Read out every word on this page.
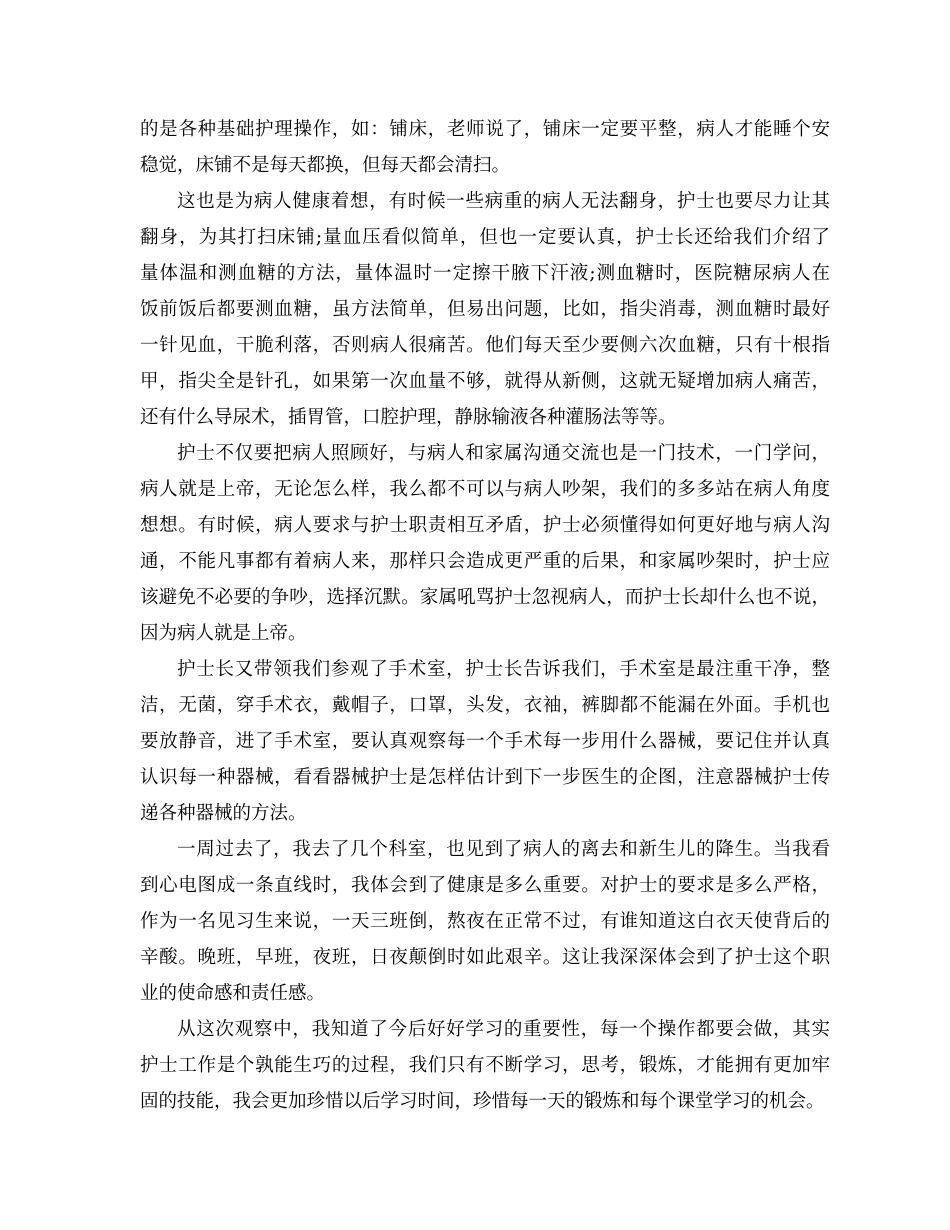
的是各种基础护理操作，如：铺床，老师说了，铺床一定要平整，病人才能睡个安
稳觉，床铺不是每天都换，但每天都会清扫。
这也是为病人健康着想，有时候一些病重的病人无法翻身，护士也要尽力让其
翻身，为其打扫床铺;量血压看似简单，但也一定要认真，护士长还给我们介绍了
量体温和测血糖的方法，量体温时一定擦干腋下汗液;测血糖时，医院糖尿病人在
饭前饭后都要测血糖，虽方法简单，但易出问题，比如，指尖消毒，测血糖时最好
一针见血，干脆利落，否则病人很痛苦。他们每天至少要侧六次血糖，只有十根指
甲，指尖全是针孔，如果第一次血量不够，就得从新侧，这就无疑增加病人痛苦，
还有什么导尿术，插胃管，口腔护理，静脉输液各种灌肠法等等。
护士不仅要把病人照顾好，与病人和家属沟通交流也是一门技术，一门学问，
病人就是上帝，无论怎么样，我么都不可以与病人吵架，我们的多多站在病人角度
想想。有时候，病人要求与护士职责相互矛盾，护士必须懂得如何更好地与病人沟
通，不能凡事都有着病人来，那样只会造成更严重的后果，和家属吵架时，护士应
该避免不必要的争吵，选择沉默。家属吼骂护士忽视病人，而护士长却什么也不说，
因为病人就是上帝。
护士长又带领我们参观了手术室，护士长告诉我们，手术室是最注重干净，整
洁，无菌，穿手术衣，戴帽子，口罩，头发，衣袖，裤脚都不能漏在外面。手机也
要放静音，进了手术室，要认真观察每一个手术每一步用什么器械，要记住并认真
认识每一种器械，看看器械护士是怎样估计到下一步医生的企图，注意器械护士传
递各种器械的方法。
一周过去了，我去了几个科室，也见到了病人的离去和新生儿的降生。当我看
到心电图成一条直线时，我体会到了健康是多么重要。对护士的要求是多么严格，
作为一名见习生来说，一天三班倒，熬夜在正常不过，有谁知道这白衣天使背后的
辛酸。晚班，早班，夜班，日夜颠倒时如此艰辛。这让我深深体会到了护士这个职
业的使命感和责任感。
从这次观察中，我知道了今后好好学习的重要性，每一个操作都要会做，其实
护士工作是个孰能生巧的过程，我们只有不断学习，思考，锻炼，才能拥有更加牢
固的技能，我会更加珍惜以后学习时间，珍惜每一天的锻炼和每个课堂学习的机会。
